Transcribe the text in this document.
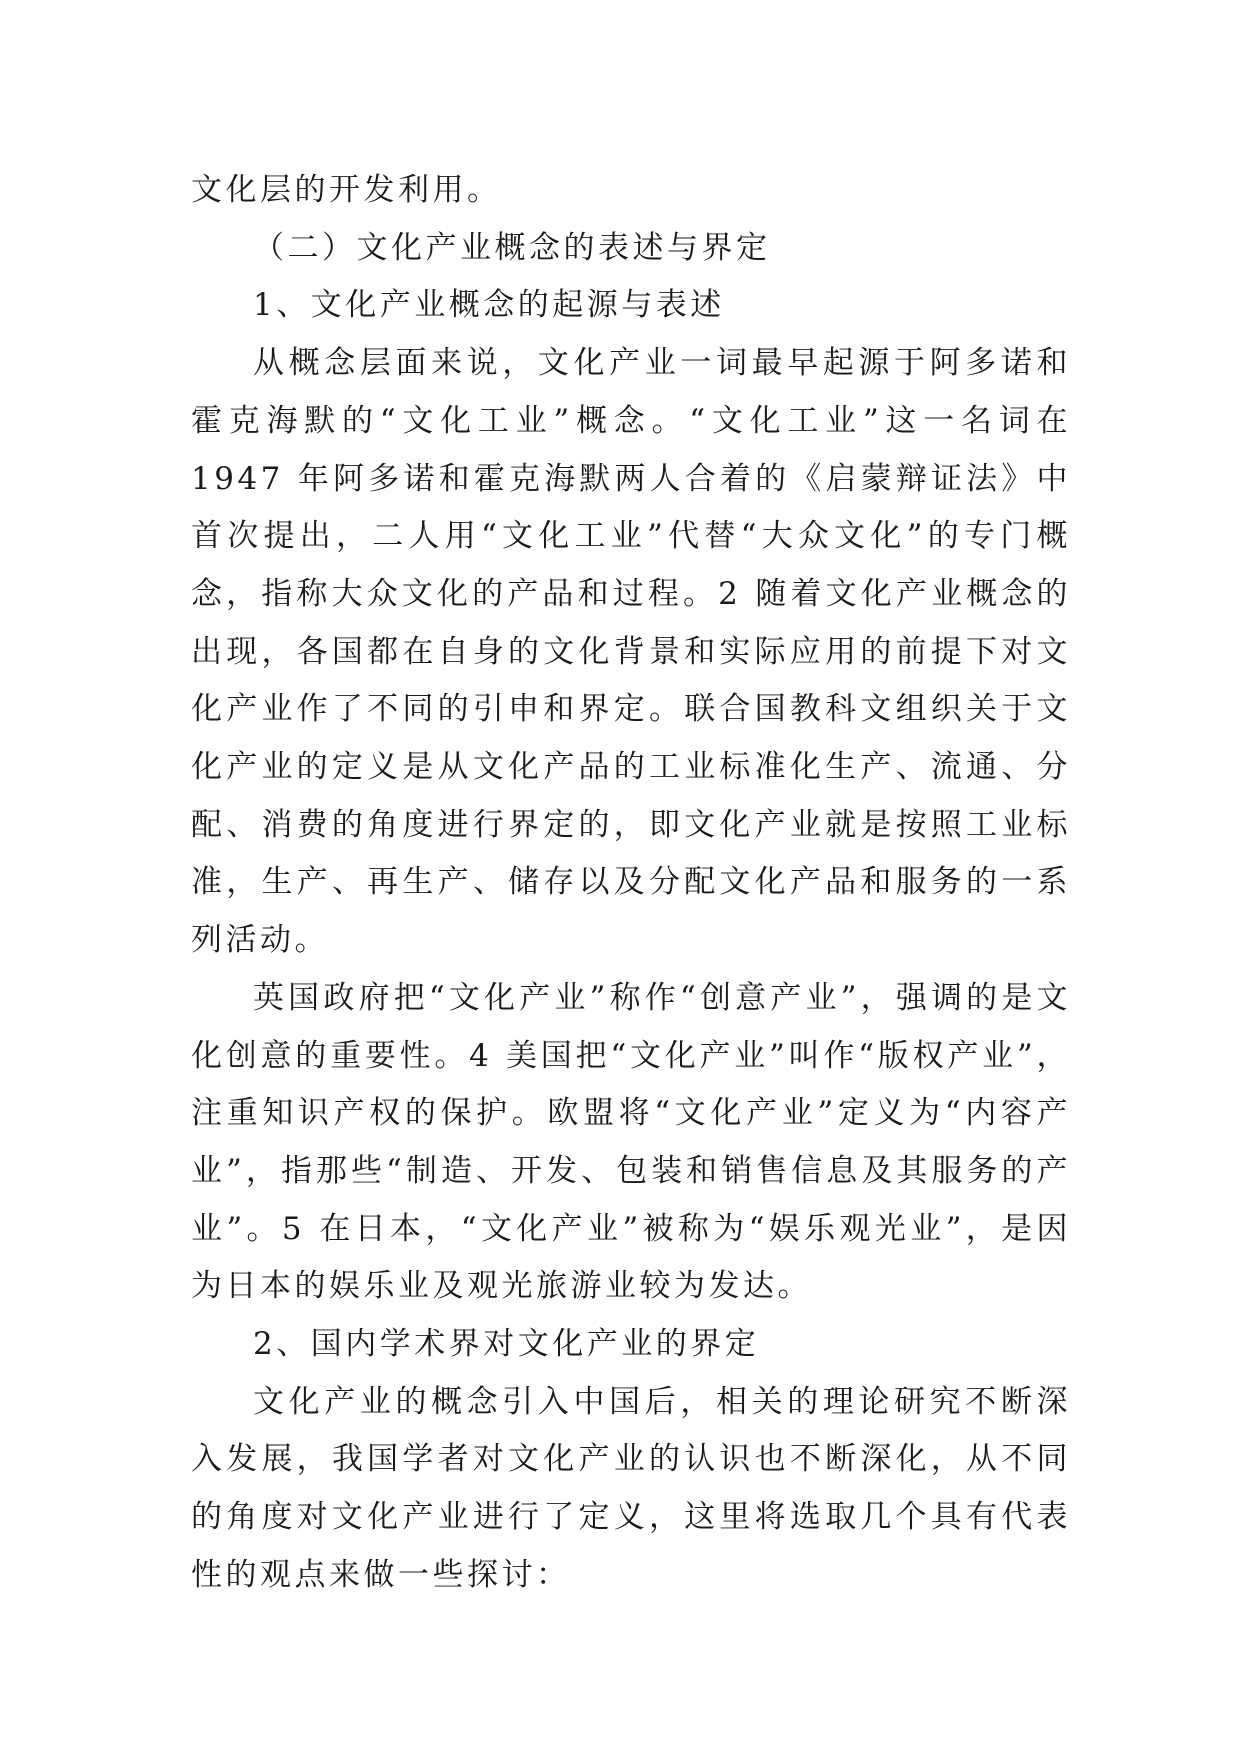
文化层的开发利用。

（二）文化产业概念的表述与界定

1、文化产业概念的起源与表述

从概念层面来说，文化产业一词最早起源于阿多诺和霍克海默的“文化工业”概念。“文化工业”这一名词在 1947 年阿多诺和霍克海默两人合着的《启蒙辩证法》中首次提出，二人用“文化工业”代替“大众文化”的专门概念，指称大众文化的产品和过程。2 随着文化产业概念的出现，各国都在自身的文化背景和实际应用的前提下对文化产业作了不同的引申和界定。联合国教科文组织关于文化产业的定义是从文化产品的工业标准化生产、流通、分配、消费的角度进行界定的，即文化产业就是按照工业标准，生产、再生产、储存以及分配文化产品和服务的一系列活动。

英国政府把“文化产业”称作“创意产业”，强调的是文化创意的重要性。4 美国把“文化产业”叫作“版权产业”，注重知识产权的保护。欧盟将“文化产业”定义为“内容产业”，指那些“制造、开发、包装和销售信息及其服务的产业”。5 在日本，“文化产业”被称为“娱乐观光业”，是因为日本的娱乐业及观光旅游业较为发达。

2、国内学术界对文化产业的界定

文化产业的概念引入中国后，相关的理论研究不断深入发展，我国学者对文化产业的认识也不断深化，从不同的角度对文化产业进行了定义，这里将选取几个具有代表性的观点来做一些探讨：
